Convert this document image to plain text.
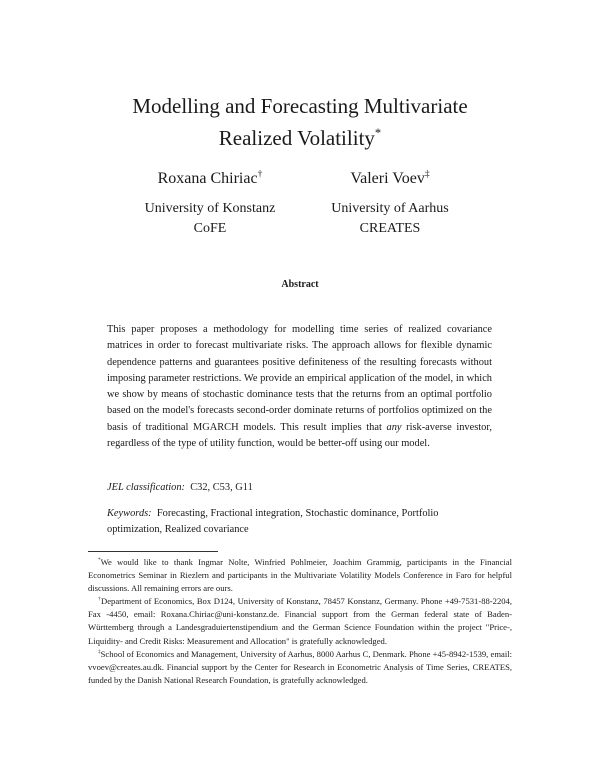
Modelling and Forecasting Multivariate
Realized Volatility*
Roxana Chiriac†	Valeri Voev‡
University of Konstanz
CoFE
University of Aarhus
CREATES
Abstract

This paper proposes a methodology for modelling time series of realized covariance matrices in order to forecast multivariate risks. The approach allows for flexible dynamic dependence patterns and guarantees positive definiteness of the resulting forecasts without imposing parameter restrictions. We provide an empirical application of the model, in which we show by means of stochastic dominance tests that the returns from an optimal portfolio based on the model's forecasts second-order dominate returns of portfolios optimized on the basis of traditional MGARCH models. This result implies that any risk-averse investor, regardless of the type of utility function, would be better-off using our model.

JEL classification: C32, C53, G11
Keywords: Forecasting, Fractional integration, Stochastic dominance, Portfolio optimization, Realized covariance

*We would like to thank Ingmar Nolte, Winfried Pohlmeier, Joachim Grammig, participants in the Financial Econometrics Seminar in Riezlern and participants in the Multivariate Volatility Models Conference in Faro for helpful discussions. All remaining errors are ours.

†Department of Economics, Box D124, University of Konstanz, 78457 Konstanz, Germany. Phone +49-7531-88-2204, Fax -4450, email: Roxana.Chiriac@uni-konstanz.de. Financial support from the German federal state of Baden-Württemberg through a Landesgraduiertenstipendium and the German Science Foundation within the project "Price-, Liquidity- and Credit Risks: Measurement and Allocation" is gratefully acknowledged.

‡School of Economics and Management, University of Aarhus, 8000 Aarhus C, Denmark. Phone +45-8942-1539, email: vvoev@creates.au.dk. Financial support by the Center for Research in Econometric Analysis of Time Series, CREATES, funded by the Danish National Research Foundation, is gratefully acknowledged.
